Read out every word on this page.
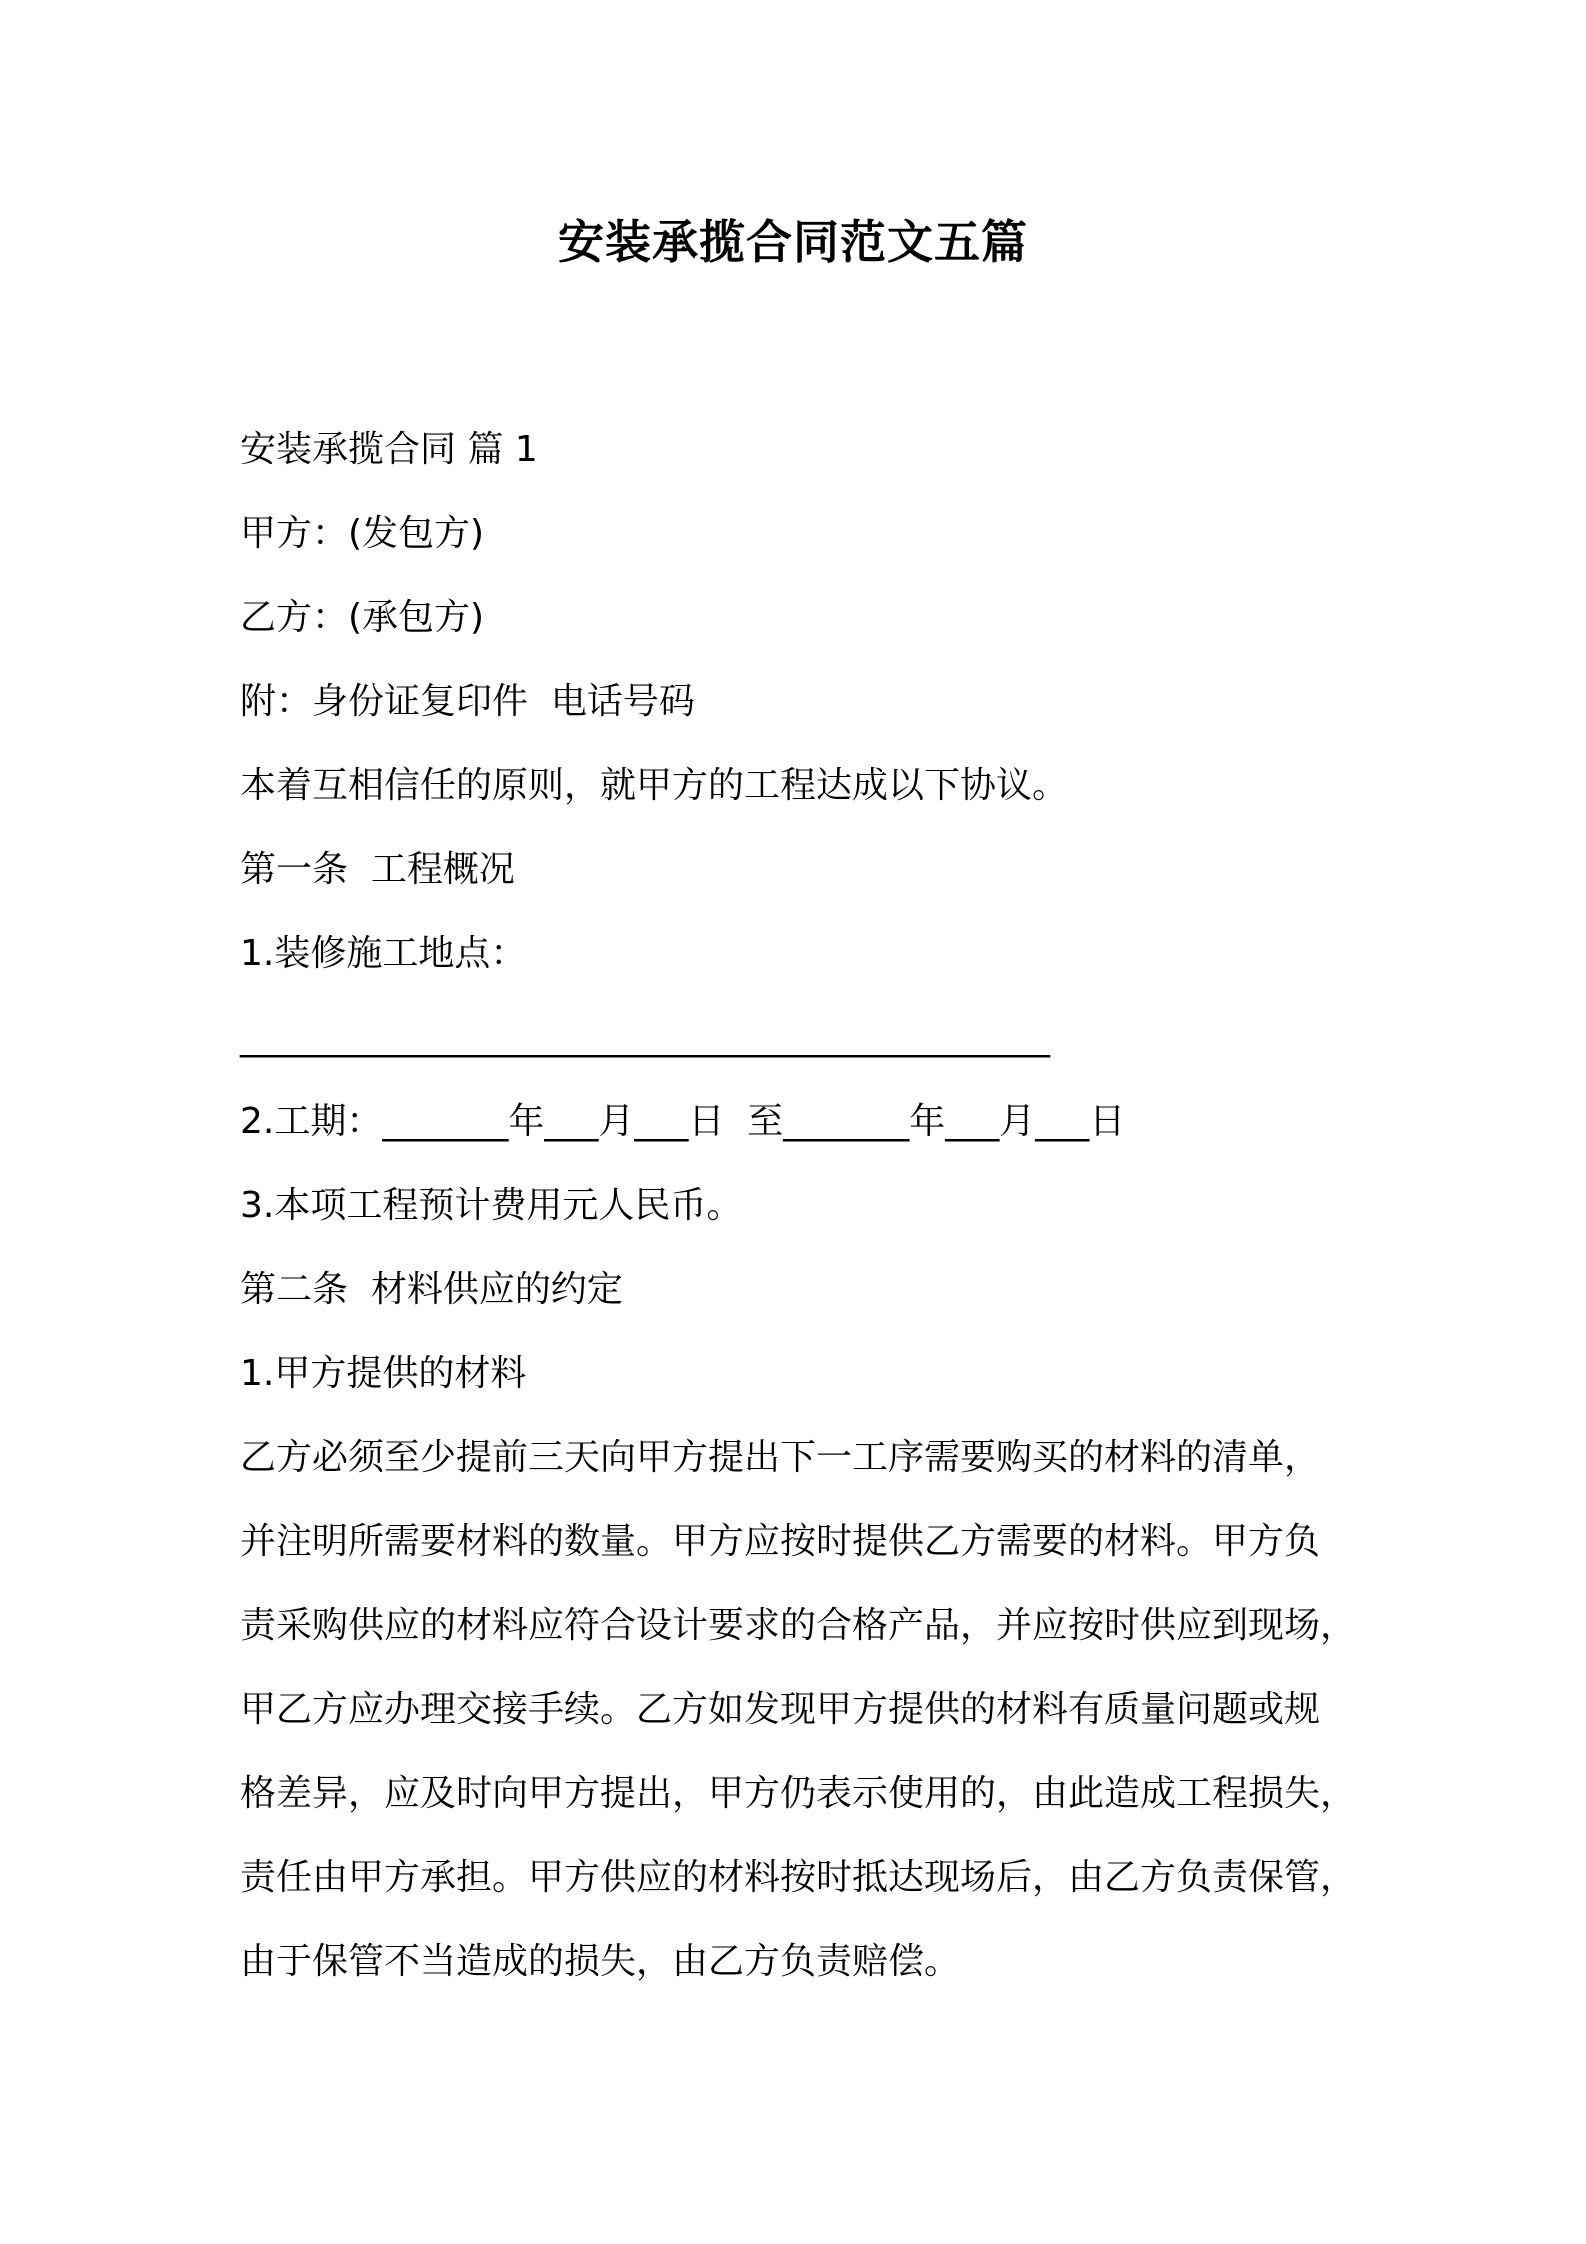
安装承揽合同范文五篇
安装承揽合同 篇 1
甲方：(发包方)
乙方：(承包方)
附：身份证复印件  电话号码
本着互相信任的原则，就甲方的工程达成以下协议。
第一条  工程概况
1.装修施工地点：
_____________________________________________
2.工期：_______年___月___日  至_______年___月___日
3.本项工程预计费用元人民币。
第二条  材料供应的约定
1.甲方提供的材料
乙方必须至少提前三天向甲方提出下一工序需要购买的材料的清单，
并注明所需要材料的数量。甲方应按时提供乙方需要的材料。甲方负
责采购供应的材料应符合设计要求的合格产品，并应按时供应到现场，
甲乙方应办理交接手续。乙方如发现甲方提供的材料有质量问题或规
格差异，应及时向甲方提出，甲方仍表示使用的，由此造成工程损失，
责任由甲方承担。甲方供应的材料按时抵达现场后，由乙方负责保管，
由于保管不当造成的损失，由乙方负责赔偿。
